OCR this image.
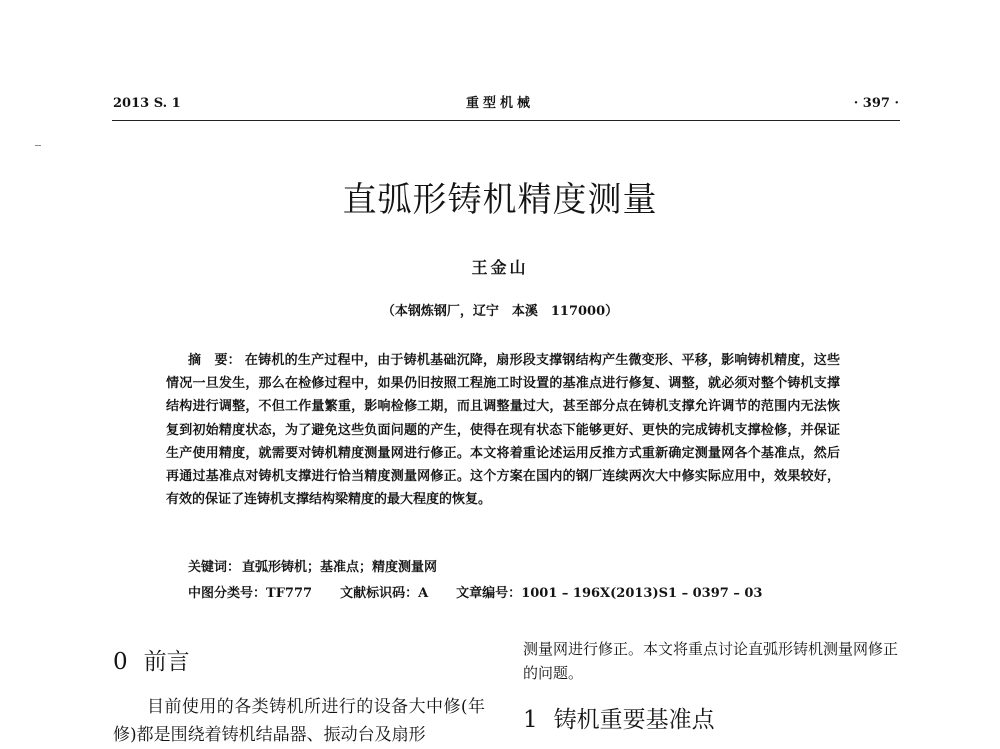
2013 S. 1	重型机械	· 397 ·
直弧形铸机精度测量
王金山
（本钢炼钢厂，辽宁　本溪　117000）
摘　要： 在铸机的生产过程中，由于铸机基础沉降，扇形段支撑钢结构产生微变形、平移，影响铸机精度，这些情况一旦发生，那么在检修过程中，如果仍旧按照工程施工时设置的基准点进行修复、调整，就必须对整个铸机支撑结构进行调整，不但工作量繁重，影响检修工期，而且调整量过大，甚至部分点在铸机支撑允许调节的范围内无法恢复到初始精度状态，为了避免这些负面问题的产生，使得在现有状态下能够更好、更快的完成铸机支撑检修，并保证生产使用精度，就需要对铸机精度测量网进行修正。本文将着重论述运用反推方式重新确定测量网各个基准点，然后再通过基准点对铸机支撑进行恰当精度测量网修正。这个方案在国内的钢厂连续两次大中修实际应用中，效果较好，有效的保证了连铸机支撑结构梁精度的最大程度的恢复。
关键词： 直弧形铸机；基准点；精度测量网
中图分类号：TF777 文献标识码：A 文章编号：1001 – 196X(2013)S1 – 0397 – 03
0 前言

目前使用的各类铸机所进行的设备大中修(年修)都是围绕着铸机结晶器、振动台及扇形

测量网进行修正。本文将重点讨论直弧形铸机测量网修正的问题。

1 铸机重要基准点
